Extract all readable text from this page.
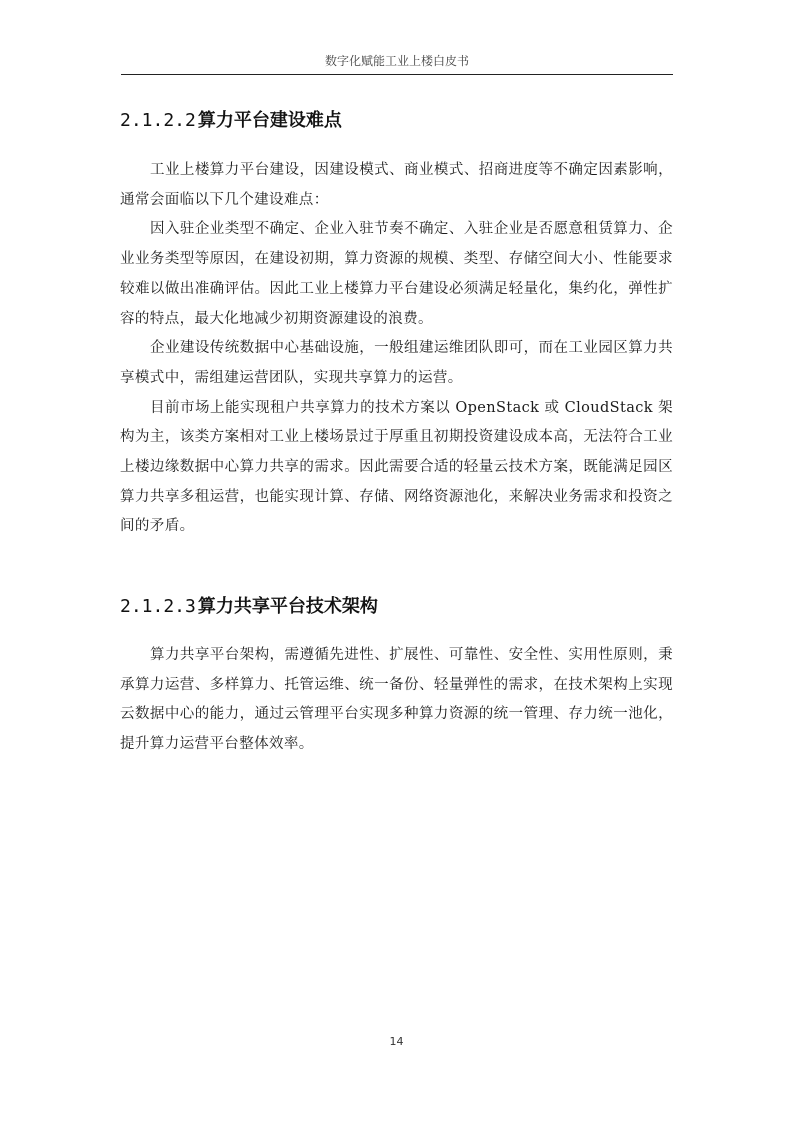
数字化赋能工业上楼白皮书
2.1.2.2 算力平台建设难点

工业上楼算力平台建设，因建设模式、商业模式、招商进度等不确定因素影响，通常会面临以下几个建设难点：

因入驻企业类型不确定、企业入驻节奏不确定、入驻企业是否愿意租赁算力、企业业务类型等原因，在建设初期，算力资源的规模、类型、存储空间大小、性能要求较难以做出准确评估。因此工业上楼算力平台建设必须满足轻量化，集约化，弹性扩容的特点，最大化地减少初期资源建设的浪费。

企业建设传统数据中心基础设施，一般组建运维团队即可，而在工业园区算力共享模式中，需组建运营团队，实现共享算力的运营。

目前市场上能实现租户共享算力的技术方案以 OpenStack 或 CloudStack 架构为主，该类方案相对工业上楼场景过于厚重且初期投资建设成本高，无法符合工业上楼边缘数据中心算力共享的需求。因此需要合适的轻量云技术方案，既能满足园区算力共享多租运营，也能实现计算、存储、网络资源池化，来解决业务需求和投资之间的矛盾。

2.1.2.3 算力共享平台技术架构

算力共享平台架构，需遵循先进性、扩展性、可靠性、安全性、实用性原则，秉承算力运营、多样算力、托管运维、统一备份、轻量弹性的需求，在技术架构上实现云数据中心的能力，通过云管理平台实现多种算力资源的统一管理、存力统一池化，提升算力运营平台整体效率。

14
